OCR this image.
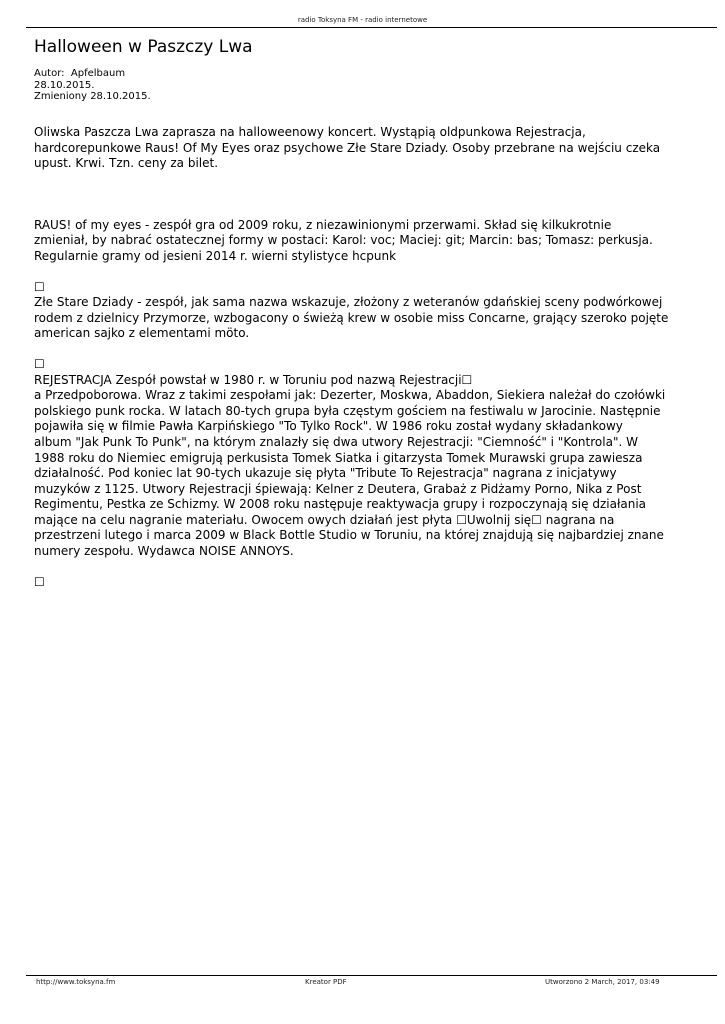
radio Toksyna FM - radio internetowe
Halloween w Paszczy Lwa
Autor:  Apfelbaum
28.10.2015.
Zmieniony 28.10.2015.

Oliwska Paszcza Lwa zaprasza na halloweenowy koncert. Wystąpią oldpunkowa Rejestracja,
hardcorepunkowe Raus! Of My Eyes oraz psychowe Złe Stare Dziady. Osoby przebrane na wejściu czeka
upust. Krwi. Tzn. ceny za bilet.

RAUS! of my eyes - zespół gra od 2009 roku, z niezawinionymi przerwami. Skład się kilkukrotnie
zmieniał, by nabrać ostatecznej formy w postaci: Karol: voc; Maciej: git; Marcin: bas; Tomasz: perkusja.
Regularnie gramy od jesieni 2014 r. wierni stylistyce hcpunk

☐
Złe Stare Dziady - zespół, jak sama nazwa wskazuje, złożony z weteranów gdańskiej sceny podwórkowej
rodem z dzielnicy Przymorze, wzbogacony o świeżą krew w osobie miss Concarne, grający szeroko pojęte
american sajko z elementami möto.

☐
REJESTRACJA Zespół powstał w 1980 r. w Toruniu pod nazwą Rejestracji☐
a Przedpoborowa. Wraz z takimi zespołami jak: Dezerter, Moskwa, Abaddon, Siekiera należał do czołówki
polskiego punk rocka. W latach 80-tych grupa była częstym gościem na festiwalu w Jarocinie. Następnie
pojawiła się w filmie Pawła Karpińskiego "To Tylko Rock". W 1986 roku został wydany składankowy
album "Jak Punk To Punk", na którym znalazły się dwa utwory Rejestracji: "Ciemność" i "Kontrola". W
1988 roku do Niemiec emigrują perkusista Tomek Siatka i gitarzysta Tomek Murawski grupa zawiesza
działalność. Pod koniec lat 90-tych ukazuje się płyta "Tribute To Rejestracja" nagrana z inicjatywy
muzyków z 1125. Utwory Rejestracji śpiewają: Kelner z Deutera, Grabaż z Pidżamy Porno, Nika z Post
Regimentu, Pestka ze Schizmy. W 2008 roku następuje reaktywacja grupy i rozpoczynają się działania
mające na celu nagranie materiału. Owocem owych działań jest płyta ☐Uwolnij się☐ nagrana na
przestrzeni lutego i marca 2009 w Black Bottle Studio w Toruniu, na której znajdują się najbardziej znane
numery zespołu. Wydawca NOISE ANNOYS.

☐

http://www.toksyna.fm	Kreator PDF	Utworzono 2 March, 2017, 03:49
